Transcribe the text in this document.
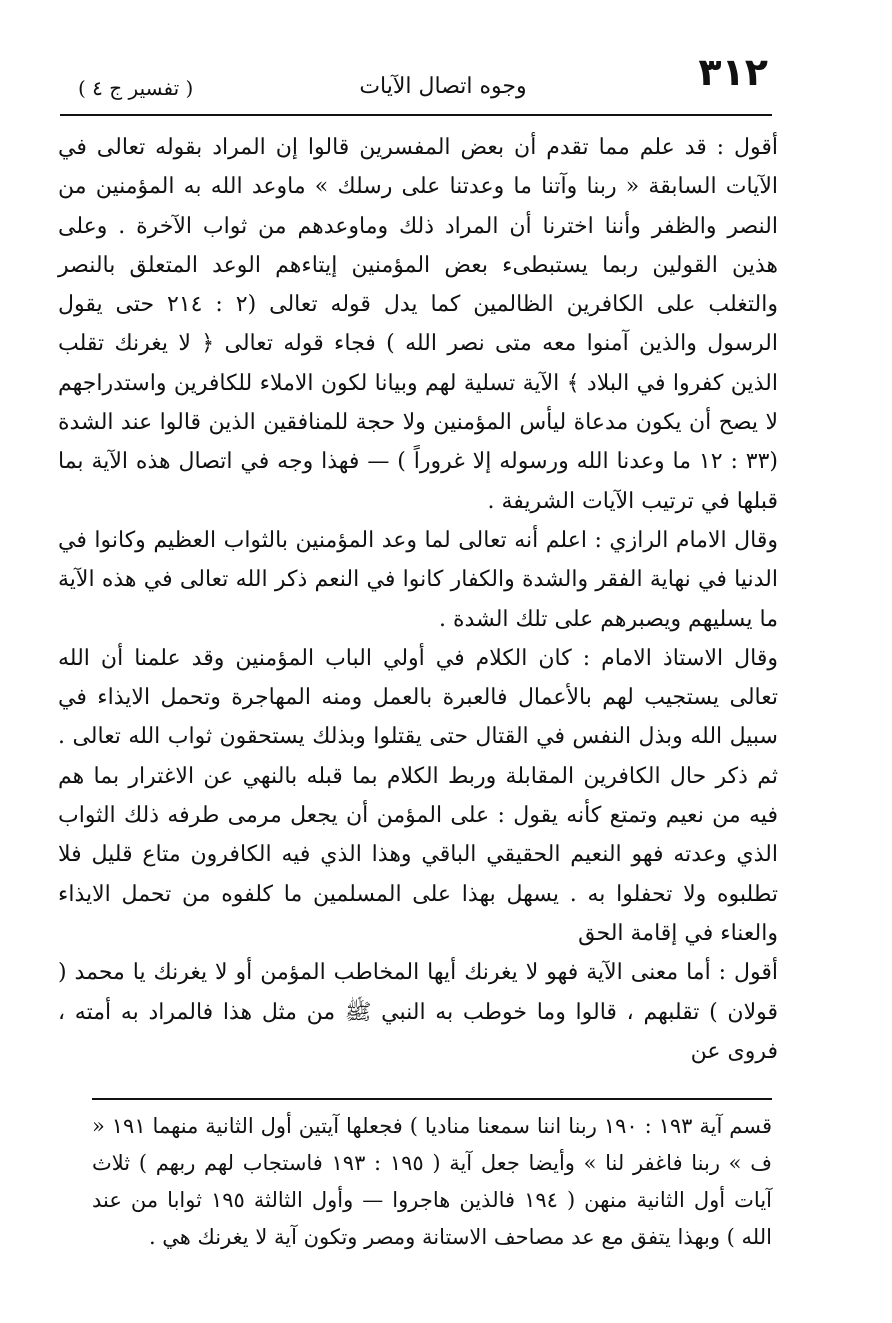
٣١٢
وجوه اتصال الآيات
( تفسير ج ٤ )

أقول : قد علم مما تقدم أن بعض المفسرين قالوا إن المراد بقوله تعالى في الآيات السابقة « ربنا وآتنا ما وعدتنا على رسلك » ماوعد الله به المؤمنين من النصر والظفر وأننا اخترنا أن المراد ذلك وماوعدهم من ثواب الآخرة . وعلى هذين القولين ربما يستبطىء بعض المؤمنين إيتاءهم الوعد المتعلق بالنصر والتغلب على الكافرين الظالمين كما يدل قوله تعالى (٢ : ٢١٤ حتى يقول الرسول والذين آمنوا معه متى نصر الله ) فجاء قوله تعالى ﴿ لا يغرنك تقلب الذين كفروا في البلاد ﴾ الآية تسلية لهم وبيانا لكون الاملاء للكافرين واستدراجهم لا يصح أن يكون مدعاة ليأس المؤمنين ولا حجة للمنافقين الذين قالوا عند الشدة (٣٣ : ١٢ ما وعدنا الله ورسوله إلا غروراً ) — فهذا وجه في اتصال هذه الآية بما قبلها في ترتيب الآيات الشريفة .

وقال الامام الرازي : اعلم أنه تعالى لما وعد المؤمنين بالثواب العظيم وكانوا في الدنيا في نهاية الفقر والشدة والكفار كانوا في النعم ذكر الله تعالى في هذه الآية ما يسليهم ويصبرهم على تلك الشدة .

وقال الاستاذ الامام : كان الكلام في أولي الباب المؤمنين وقد علمنا أن الله تعالى يستجيب لهم بالأعمال فالعبرة بالعمل ومنه المهاجرة وتحمل الايذاء في سبيل الله وبذل النفس في القتال حتى يقتلوا وبذلك يستحقون ثواب الله تعالى . ثم ذكر حال الكافرين المقابلة وربط الكلام بما قبله بالنهي عن الاغترار بما هم فيه من نعيم وتمتع كأنه يقول : على المؤمن أن يجعل مرمى طرفه ذلك الثواب الذي وعدته فهو النعيم الحقيقي الباقي وهذا الذي فيه الكافرون متاع قليل فلا تطلبوه ولا تحفلوا به . يسهل بهذا على المسلمين ما كلفوه من تحمل الايذاء والعناء في إقامة الحق

أقول : أما معنى الآية فهو لا يغرنك أيها المخاطب المؤمن أو لا يغرنك يا محمد ( قولان ) تقلبهم ، قالوا وما خوطب به النبي ﷺ من مثل هذا فالمراد به أمته ، فروى عن

قسم آية ١٩٣ : ١٩٠ ربنا اننا سمعنا مناديا ) فجعلها آيتين أول الثانية منهما ١٩١ « ف » ربنا فاغفر لنا » وأيضا جعل آية ( ١٩٥ : ١٩٣ فاستجاب لهم ربهم ) ثلاث آيات أول الثانية منهن ( ١٩٤ فالذين هاجروا — وأول الثالثة ١٩٥ ثوابا من عند الله ) وبهذا يتفق مع عد مصاحف الاستانة ومصر وتكون آية لا يغرنك هي .
